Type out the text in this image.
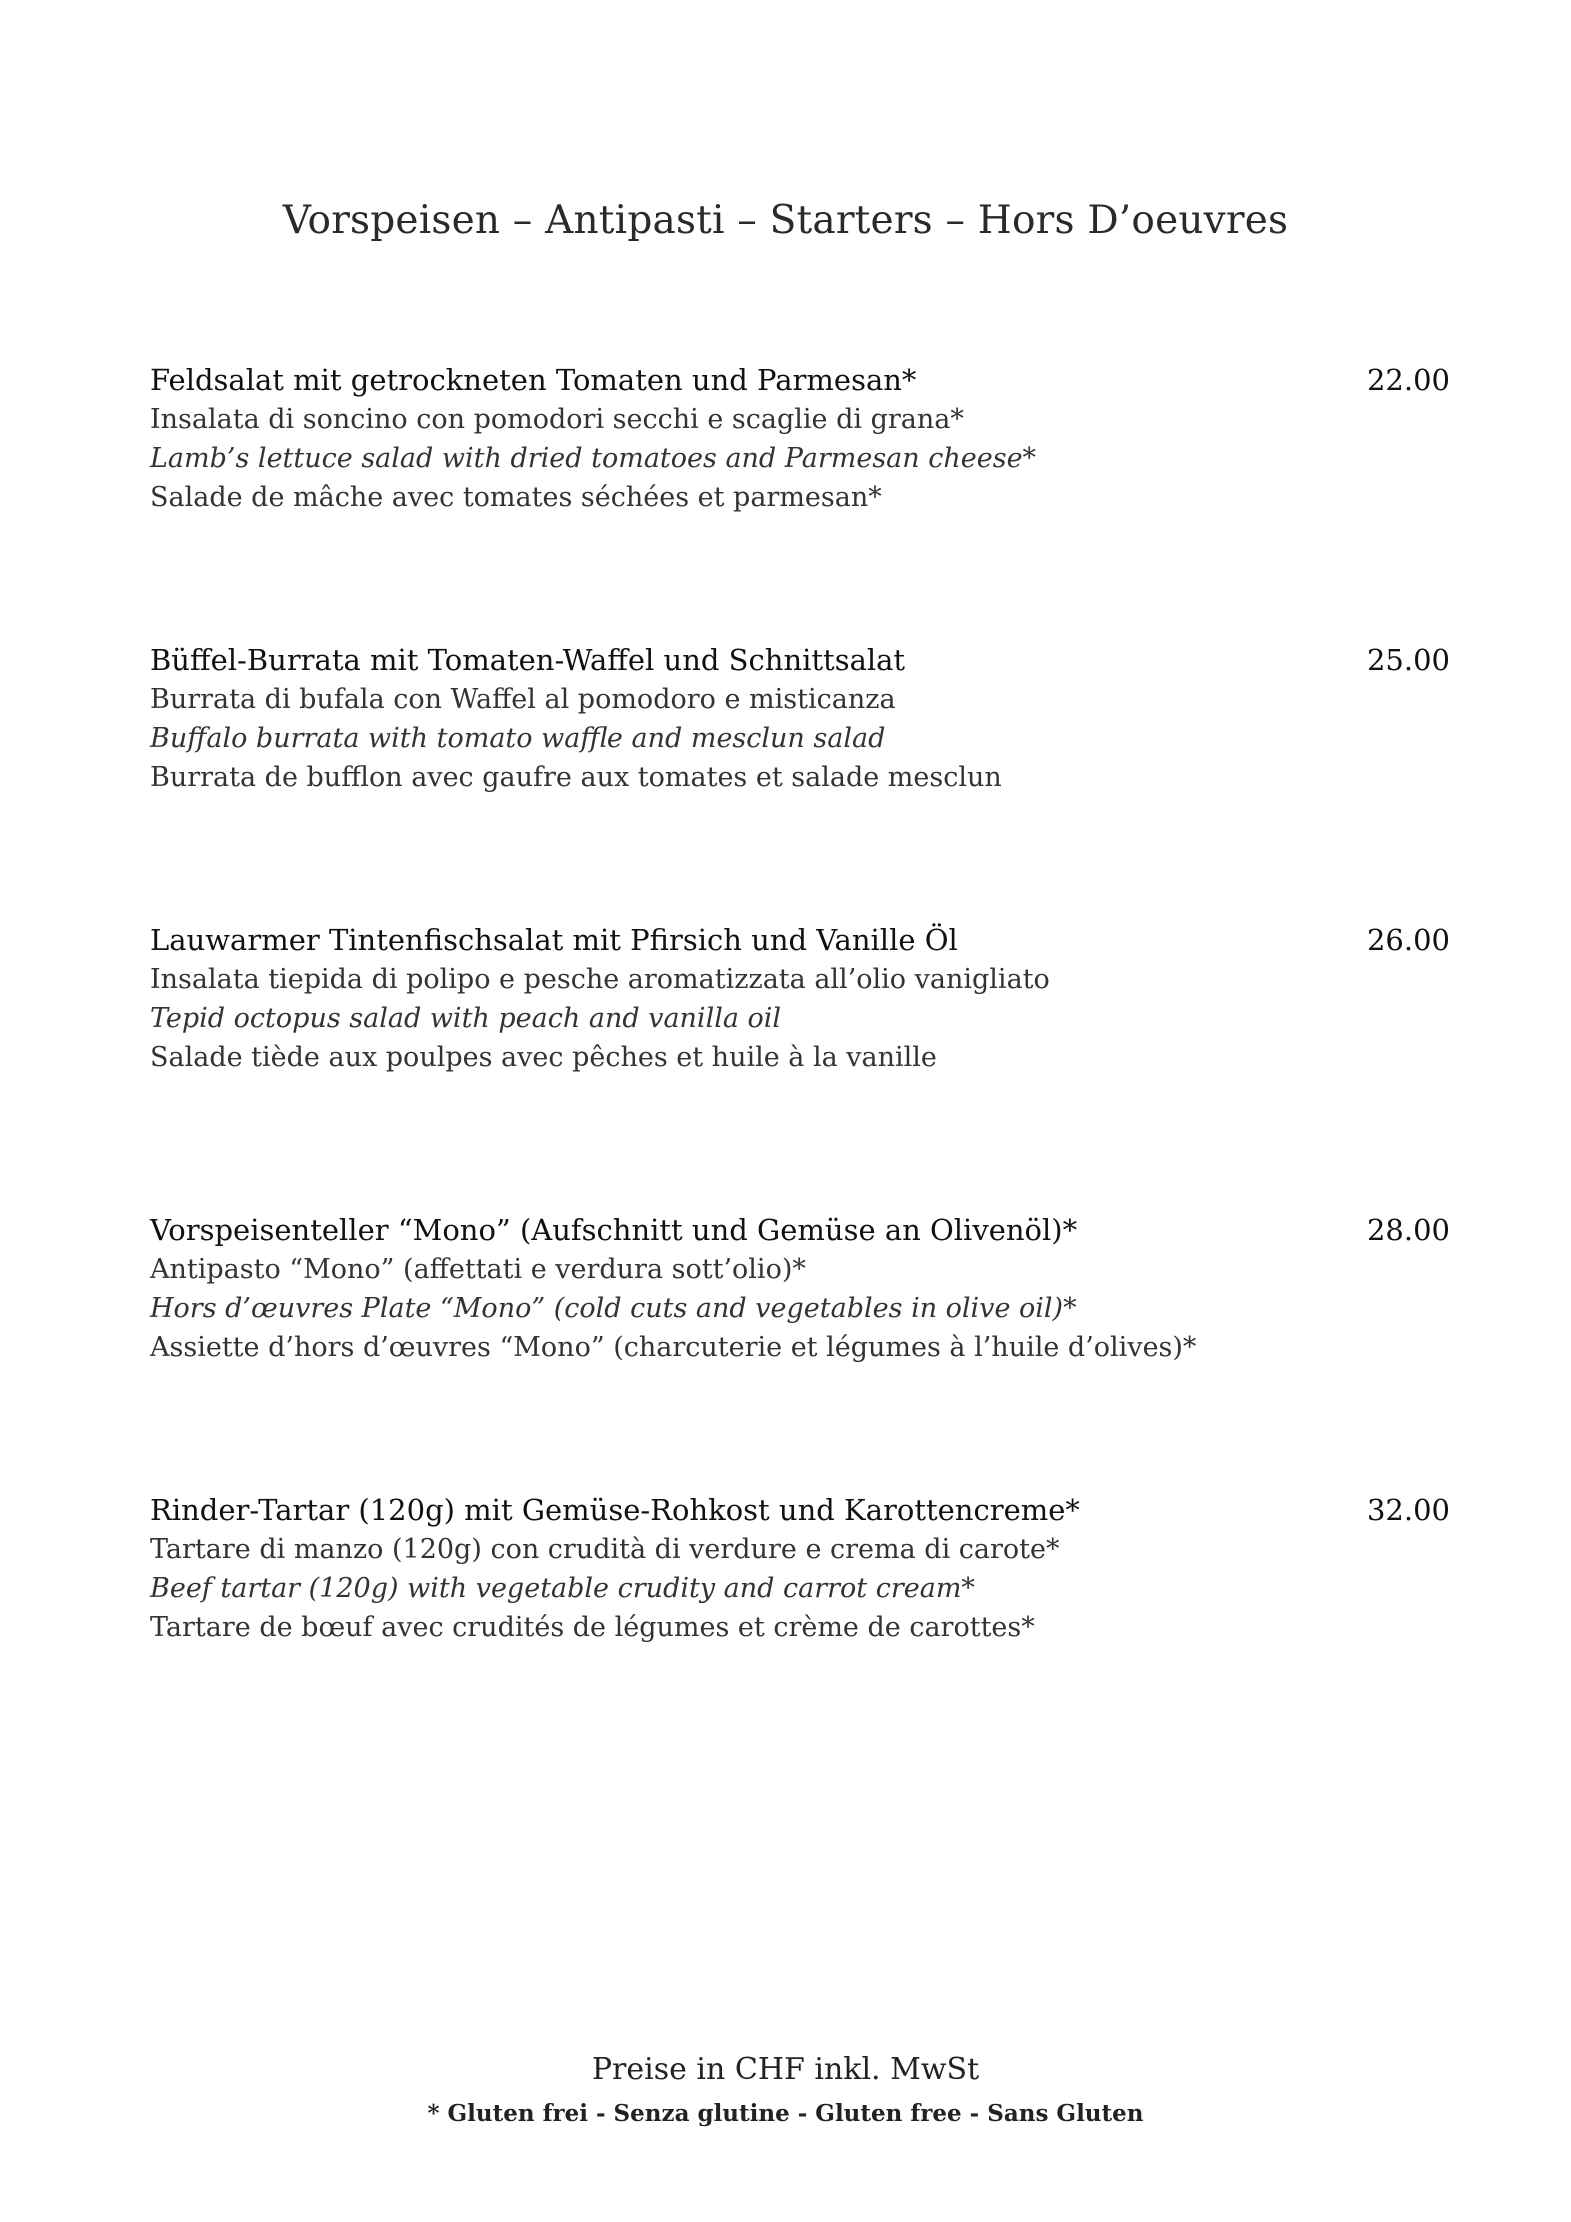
Vorspeisen – Antipasti – Starters – Hors D’oeuvres
Feldsalat mit getrockneten Tomaten und Parmesan*	22.00
Insalata di soncino con pomodori secchi e scaglie di grana*
Lamb’s lettuce salad with dried tomatoes and Parmesan cheese*
Salade de mâche avec tomates séchées et parmesan*
Büffel-Burrata mit Tomaten-Waffel und Schnittsalat	25.00
Burrata di bufala con Waffel al pomodoro e misticanza
Buffalo burrata with tomato waffle and mesclun salad
Burrata de bufflon avec gaufre aux tomates et salade mesclun
Lauwarmer Tintenfischsalat mit Pfirsich und Vanille Öl	26.00
Insalata tiepida di polipo e pesche aromatizzata all’olio vanigliato
Tepid octopus salad with peach and vanilla oil
Salade tiède aux poulpes avec pêches et huile à la vanille
Vorspeisenteller “Mono” (Aufschnitt und Gemüse an Olivenöl)*	28.00
Antipasto “Mono” (affettati e verdura sott’olio)*
Hors d’œuvres Plate “Mono” (cold cuts and vegetables in olive oil)*
Assiette d’hors d’œuvres “Mono” (charcuterie et légumes à l’huile d’olives)*
Rinder-Tartar (120g) mit Gemüse-Rohkost und Karottencreme*	32.00
Tartare di manzo (120g) con crudità di verdure e crema di carote*
Beef tartar (120g) with vegetable crudity and carrot cream*
Tartare de bœuf avec crudités de légumes et crème de carottes*
Preise in CHF inkl. MwSt
* Gluten frei - Senza glutine - Gluten free - Sans Gluten
